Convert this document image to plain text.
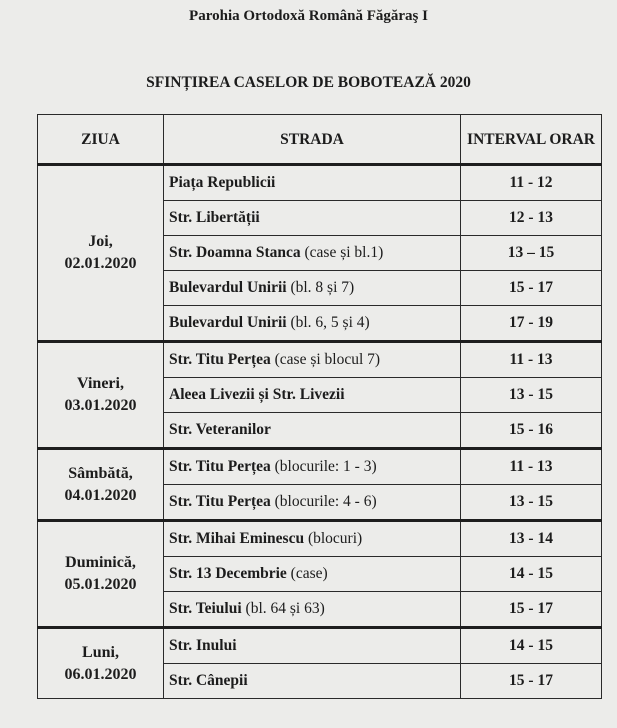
Parohia Ortodoxă Română Făgăraş I
SFINȚIREA CASELOR DE BOBOTEAZĂ 2020
ZIUA	STRADA	INTERVAL ORAR

Joi,
02.01.2020	Piața Republicii	11 - 12
	Str. Libertății	12 - 13
	Str. Doamna Stanca (case și bl.1)	13 – 15
	Bulevardul Unirii (bl. 8 și 7)	15 - 17
	Bulevardul Unirii (bl. 6, 5 și 4)	17 - 19

Vineri,
03.01.2020	Str. Titu Perțea (case și blocul 7)	11 - 13
	Aleea Livezii și Str. Livezii	13 - 15
	Str. Veteranilor	15 - 16

Sâmbătă,
04.01.2020	Str. Titu Perțea (blocurile: 1 - 3)	11 - 13
	Str. Titu Perțea (blocurile: 4 - 6)	13 - 15

Duminică,
05.01.2020	Str. Mihai Eminescu (blocuri)	13 - 14
	Str. 13 Decembrie (case)	14 - 15
	Str. Teiului (bl. 64 și 63)	15 - 17

Luni,
06.01.2020	Str. Inului	14 - 15
	Str. Cânepii	15 - 17
